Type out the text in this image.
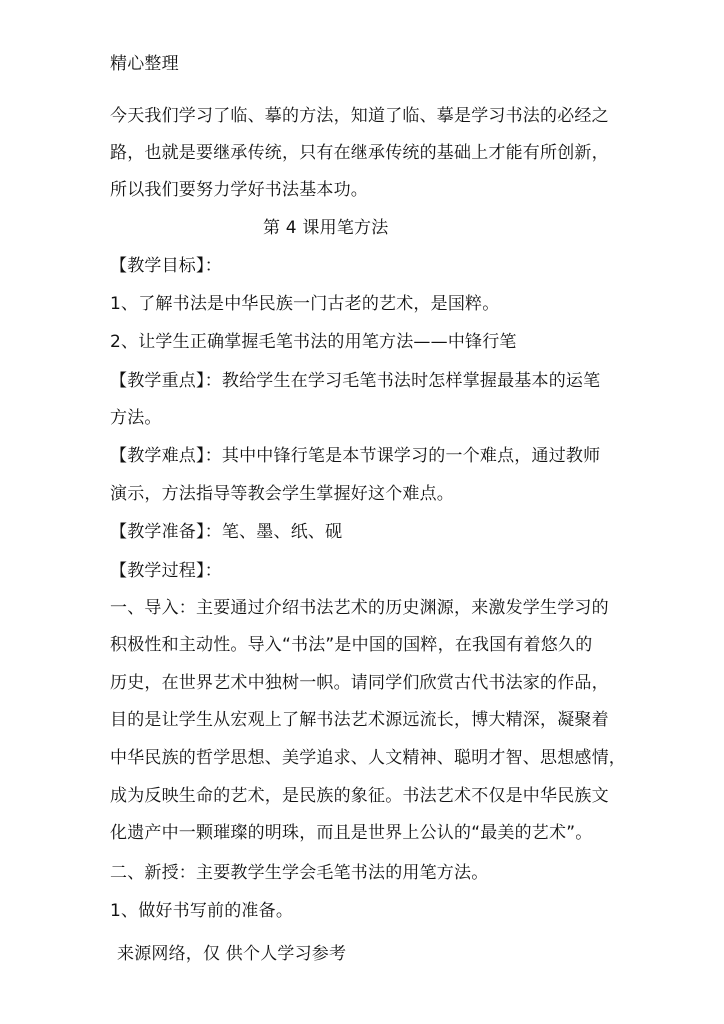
精心整理
今天我们学习了临、摹的方法，知道了临、摹是学习书法的必经之
路，也就是要继承传统，只有在继承传统的基础上才能有所创新，
所以我们要努力学好书法基本功。
第 4 课用笔方法
【教学目标】：
1、了解书法是中华民族一门古老的艺术，是国粹。
2、让学生正确掌握毛笔书法的用笔方法——中锋行笔
【教学重点】：教给学生在学习毛笔书法时怎样掌握最基本的运笔
方法。
【教学难点】：其中中锋行笔是本节课学习的一个难点，通过教师
演示，方法指导等教会学生掌握好这个难点。
【教学准备】：笔、墨、纸、砚
【教学过程】：
一、导入：主要通过介绍书法艺术的历史渊源，来激发学生学习的
积极性和主动性。导入“书法”是中国的国粹，在我国有着悠久的
历史，在世界艺术中独树一帜。请同学们欣赏古代书法家的作品，
目的是让学生从宏观上了解书法艺术源远流长，博大精深，凝聚着
中华民族的哲学思想、美学追求、人文精神、聪明才智、思想感情，
成为反映生命的艺术，是民族的象征。书法艺术不仅是中华民族文
化遗产中一颗璀璨的明珠，而且是世界上公认的“最美的艺术”。
二、新授：主要教学生学会毛笔书法的用笔方法。
1、做好书写前的准备。
来源网络，仅 供个人学习参考
